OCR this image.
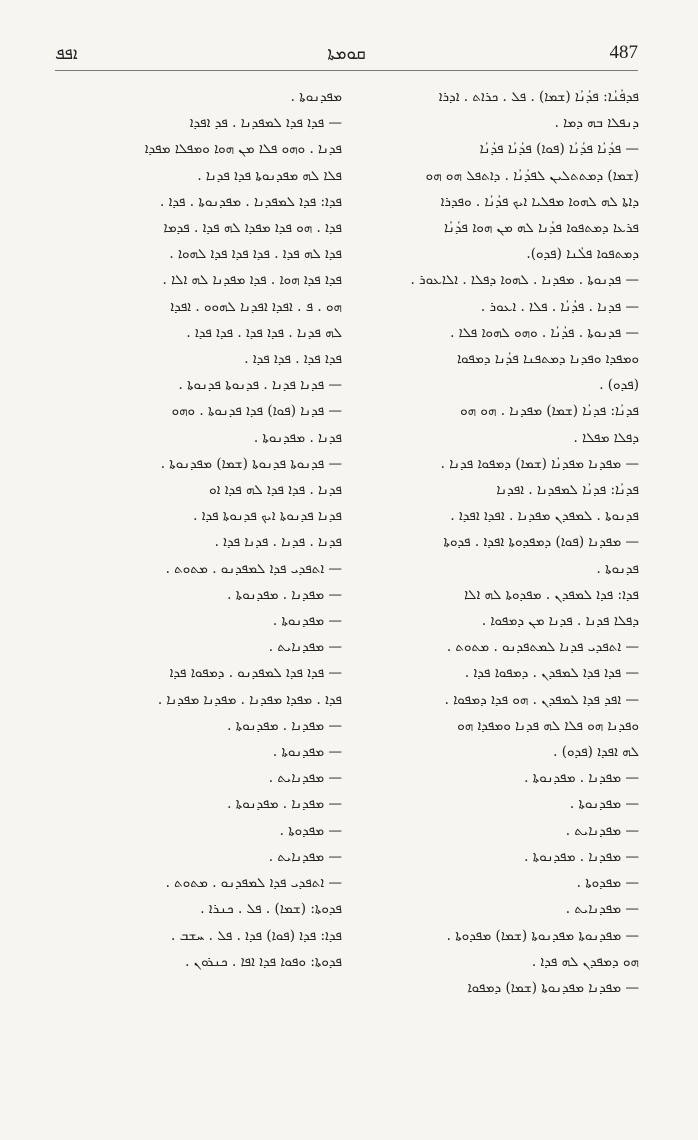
ܐܦܦ	ܩܘܡܬܐ	487
ܦܕܦܳܢܳܐ: ܦܕܳܢܳܐ (ܫܡܐ) . ܦܠ . ܟܪܐܬ . ܐܕܪܐ
ܕܢܦܠܐ ܒܗ ܕܡܐ .
— ܦܕܳܢܳܐ ܦܕܳܢܳܐ (ܦܘܐ) ܦܕܳܢܳܐ ܦܕܳܢܳܐ
(ܫܡܐ) ܕܡܬܬܠܝܢ ܠܦܕܳܢܳܐ . ܕܐܬܦܠ ܗܘ ܗܘ
ܕܐܬܐ ܠܗ ܠܗܘܐ ܡܦܠܝܐ ܐܝܟ ܦܕܳܢܳܐ . ܘܦܕܪܐ
ܦܪܥܐ ܕܡܬܦܘܐ ܦܕܳܢܐ ܠܗ ܡܢ ܗܘܐ ܦܕܳܢܳܐ
ܕܡܬܦܘܐ ܦܠܳܢܐ (ܦܕܘ).
— ܦܕܢܘܬܐ . ܡܦܕܢܐ . ܠܗܘܐ ܕܦܠܐ . ܐܠܐܥܘܪ .
— ܦܕܢܐ . ܦܕܳܢܳܐ . ܦܠܐ . ܐܥܘܪ .
— ܦܕܢܘܬܐ . ܦܕܳܢܳܐ . ܘܗܘ ܠܗܘܐ ܦܠܐ .
ܘܡܦܕܐ ܘܦܕܢܐ ܕܡܬܦܢܐ ܦܕܳܢܐ ܕܡܦܘܐ
(ܦܕܘ) .
ܦܕܢܳܐ: ܦܕܢܳܐ (ܫܡܐ) ܡܦܕܢܐ . ܗܘ ܗܘ
ܕܦܠܐ ܡܦܠܐ .
— ܡܦܕܢܐ ܡܦܕܢܳܐ (ܫܡܐ) ܕܡܦܘܐ ܦܕܢܐ .
ܦܕܢܳܐ: ܦܕܢܳܐ ܠܡܦܕܢܐ . ܐܦܕܢܐ
ܦܕܢܘܬܐ . ܠܡܦܕܢ ܡܦܕܢܐ . ܐܦܕܐ ܐܦܕܐ .
— ܡܦܕܢܐ (ܦܘܐ) ܕܡܦܕܘܬܐ ܐܦܕܐ . ܦܕܘܬܐ
ܦܕܢܘܬܐ .
ܦܕܐ: ܦܕܐ ܠܡܦܕܢ . ܡܦܕܘܬܐ ܠܗ ܐܠܐ
ܕܦܠܐ ܦܕܢܐ . ܦܕܢܐ ܡܢ ܕܡܦܘܐ .
— ܐܬܦܕܝ ܦܕܢܐ ܠܡܬܦܕܢܘ . ܡܬܘܬ .
— ܦܕܐ ܦܕܐ ܠܡܦܕܢ . ܕܡܦܘܐ ܦܕܐ .
— ܐܦܕ ܦܕܐ ܠܡܦܕܢ . ܗܘ ܦܕܐ ܕܡܦܘܐ .
ܘܦܕܢܐ ܗܘ ܦܠܐ ܠܗ ܦܕܢܐ ܘܡܦܕܐ ܗܘ
ܠܗ ܐܦܕܐ (ܦܕܘ) .
— ܡܦܕܢܐ . ܡܦܕܢܘܬܐ .
— ܡܦܕܢܘܬܐ .
— ܡܦܕܢܐܝܬ .
— ܡܦܕܢܐ . ܡܦܕܢܘܬܐ .
— ܡܦܕܘܬܐ .
— ܡܦܕܢܐܝܬ .
— ܡܦܕܢܘܬܐ ܡܦܕܢܘܬܐ (ܫܡܐ) ܡܦܕܘܬܐ .
ܗܘ ܕܡܦܕܢ ܠܗ ܦܕܐ .
— ܡܦܕܢܐ ܡܦܕܢܘܬܐ (ܫܡܐ) ܕܡܦܘܐ
ܡܦܕܢܘܬܐ .
— ܦܕܐ ܦܕܐ ܠܡܦܕܢܐ . ܦܕ ܐܦܕܐ
ܦܕܢܐ . ܘܗܘ ܦܠܐ ܡܢ ܗܘܐ ܘܡܦܠܐ ܡܦܕܐ
ܦܠܐ ܠܗ ܡܦܕܢܘܬܐ ܦܕܐ ܦܕܢܐ .
ܦܕܐ: ܦܕܐ ܠܡܦܕܢܐ . ܡܦܕܢܘܬܐ . ܦܕܐ .
ܦܕܐ . ܗܘ ܦܕܐ ܡܦܕܐ ܠܗ ܦܕܐ . ܦܕܡܐ
ܦܕܐ ܠܗ ܦܕܐ . ܦܕܐ ܦܕܐ ܦܕܐ ܠܗܘܐ .
ܦܕܐ ܦܕܐ ܗܘܐ . ܦܕܐ ܡܦܕܢܐ ܠܗ ܐܠܐ .
ܗܘ . ܦ . ܐܦܕܐ ܐܦܕܢܐ ܠܗܘܘ . ܐܦܕܐ
ܠܗ ܦܕܢܐ . ܦܕܐ ܦܕܐ . ܦܕܐ ܦܕܐ .
ܦܕܐ ܦܕܐ . ܦܕܐ ܦܕܐ .
— ܦܕܢܐ ܦܕܢܐ . ܦܕܢܘܬܐ ܦܕܢܘܬܐ .
— ܦܕܢܐ (ܦܘܐ) ܦܕܐ ܦܕܢܘܬܐ . ܘܗܘ
ܦܕܢܐ . ܡܦܕܢܘܬܐ .
— ܦܕܢܘܬܐ ܦܕܢܘܬܐ (ܫܡܐ) ܡܦܕܢܘܬܐ .
ܦܕܢܐ . ܦܕܐ ܦܕܐ ܠܗ ܦܕܐ ܐܘ
ܦܕܢܐ ܦܕܢܘܬܐ ܐܝܟ ܦܕܢܘܬܐ ܦܕܐ .
ܦܕܢܐ . ܦܕܢܐ . ܦܕܢܐ ܦܕܐ .
— ܐܬܦܕܝ ܦܕܐ ܠܡܦܕܢܘ . ܡܬܘܬ .
— ܡܦܕܢܐ . ܡܦܕܢܘܬܐ .
— ܡܦܕܢܘܬܐ .
— ܡܦܕܢܐܝܬ .
— ܦܕܐ ܦܕܐ ܠܡܦܕܢܘ . ܕܡܦܘܐ ܦܕܐ
ܦܕܐ . ܡܦܕܐ ܡܦܕܢܐ . ܡܦܕܢܐ ܡܦܕܢܐ .
— ܡܦܕܢܐ . ܡܦܕܢܘܬܐ .
— ܡܦܕܢܘܬܐ .
— ܡܦܕܢܐܝܬ .
— ܡܦܕܢܐ . ܡܦܕܢܘܬܐ .
— ܡܦܕܘܬܐ .
— ܡܦܕܢܐܝܬ .
— ܐܬܦܕܝ ܦܕܐ ܠܡܦܕܢܘ . ܡܬܘܬ .
ܦܕܘܬܐ: (ܫܡܐ) . ܦܠ . ܟܢܪܐ .
ܦܕܐ: ܦܕܐ (ܦܘܐ) ܦܕܐ . ܦܠ . ܚܫܒ .
ܦܕܘܬܐ: ܘܦܘܐ ܦܕܐ ܐܦܐ . ܟܢܪܘܢ .
